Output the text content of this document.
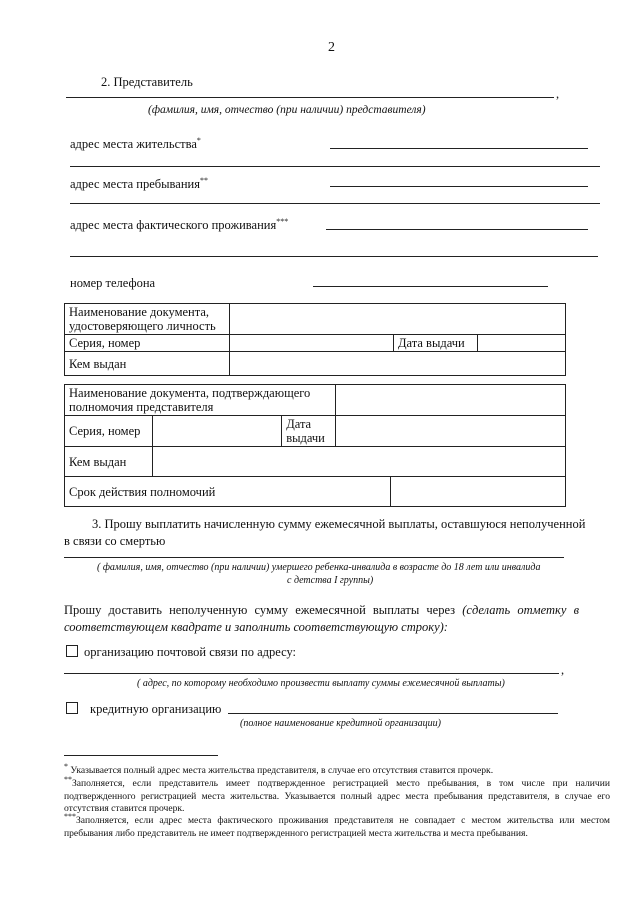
2
2. Представитель
,
(фамилия, имя, отчество (при наличии) представителя)
адрес места жительства*
адрес места пребывания**
адрес места фактического проживания***
номер телефона
Наименование документа, удостоверяющего личность			
Серия, номер		Дата выдачи	
Кем выдан			
Наименование документа, подтверждающего полномочия представителя				
Серия, номер		Дата выдачи		
Кем выдан				
Срок действия полномочий				
3. Прошу выплатить начисленную сумму ежемесячной выплаты, оставшуюся неполученной
в связи со смертью
( фамилия, имя, отчество (при наличии) умершего ребенка-инвалида в возрасте до 18 лет или инвалида
с детства I группы)
Прошу доставить неполученную сумму ежемесячной выплаты через (сделать отметку в соответствующем квадрате и заполнить соответствующую строку):
организацию почтовой связи по адресу:
,
( адрес, по которому необходимо произвести выплату суммы ежемесячной выплаты)
кредитную организацию
(полное наименование кредитной организации)
* Указывается полный адрес места жительства представителя, в случае его отсутствия ставится прочерк.
**Заполняется, если представитель имеет подтвержденное регистрацией место пребывания, в том числе при наличии подтвержденного регистрацией места жительства. Указывается полный адрес места пребывания представителя, в случае его отсутствия ставится прочерк.
***Заполняется, если адрес места фактического проживания представителя не совпадает с местом жительства или местом пребывания либо представитель не имеет подтвержденного регистрацией места жительства и места пребывания.
